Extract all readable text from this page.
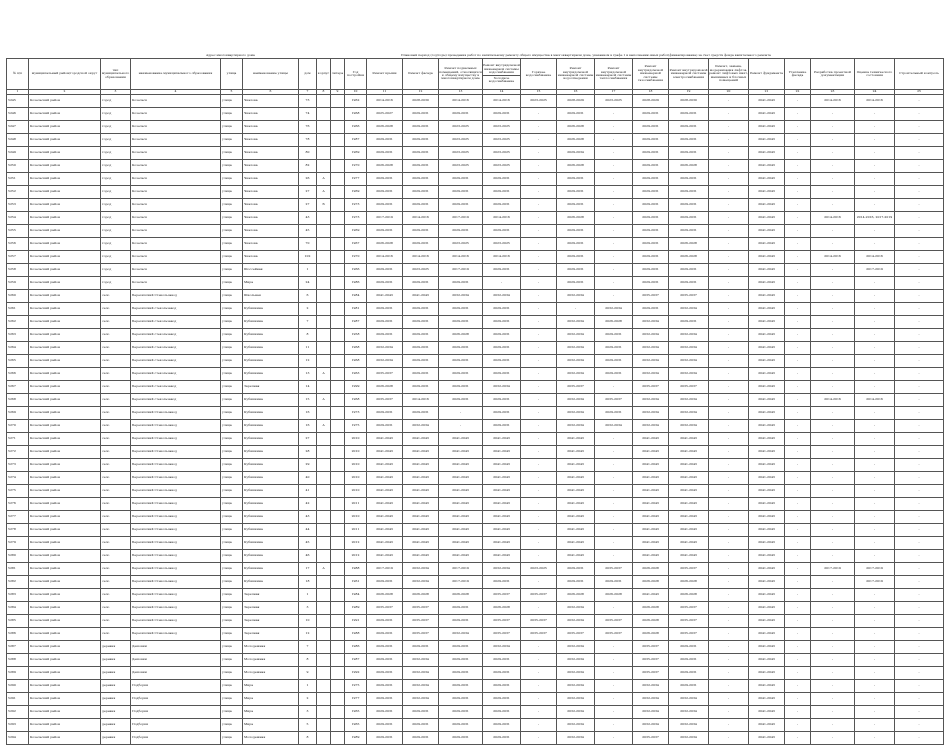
Адрес многоквартирного дома	Плановый период (год/годы) проведения работ по капитальному ремонту общего имущества в многоквартирном доме, указанном в графе 1 и выполнению иных работ(финансирование) за счет средств фонда капитального ремонта
№ п/п	муниципальный район/городской округ	тип муниципального образования	наименование муниципального образования	улица	наименование улицы	дом	корпус	литера	Год постройки	Ремонт крыши	Ремонт фасада	Ремонт подвальных помещений, относящихся к общему имуществу в многоквартирном доме	Ремонт внутридомовой инженерной системы водоснабжения
Холодное водоснабжение	Горячее водоснабжение	Ремонт внутридомовой инженерной системы водоотведения	Ремонт внутридомовой инженерной системы теплоснабжения	Ремонт внутридомовой инженерной системы газоснабжения	Ремонт внутридомовой инженерной системы электроснабжения	Ремонт, замена, модернизация лифтов, ремонт лифтовых шахт, машинных и блочных помещений	Ремонт фундамента	Утепление фасада	Разработка проектной документации	Оценка технического состояния	Строительный контроль
1	2	3	4	5	6	7	8	9	10	11	12	13	14	15	16	17	18	19	20	21	22	23	24	25
5245	Козельский район	город	Козельск	улица	Чкалова	73			1962	2014-2016	2028-2030	2014-2016	2014-2016	2023-2025	2028-2029	2023-2025	2028-2029	2028-2030	-	2041-2043	-	2014-2016	2014-2016	-
5246	Козельский район	город	Козельск	улица	Чкалова	74			1968	2025-2027	2029-2031	2029-2031	2029-2031	-	2029-2031	-	2029-2031	2029-2031	-	2041-2043	-	-	-	-
5247	Козельский район	город	Козельск	улица	Чкалова	76			1966	2026-2028	2029-2031	2023-2025	2023-2025	-	2026-2028	-	2029-2031	2029-2031	-	2041-2043	-	-	-	-
5248	Козельский район	город	Козельск	улица	Чкалова	78			1987	2029-2031	2029-2031	2023-2025	2023-2025	-	2026-2028	-	2029-2031	2029-2031	-	2041-2043	-	-	-	-
5249	Козельский район	город	Козельск	улица	Чкалова	80			1969	2029-2031	2029-2031	2023-2025	2023-2025	-	2029-2034	-	2029-2031	2029-2031	-	2041-2043	-	-	-	-
5250	Козельский район	город	Козельск	улица	Чкалова	82			1970	2026-2028	2029-2031	2023-2025	2023-2025	-	2026-2028	-	2029-2031	2026-2028	-	2041-2043	-	-	-	-
5251	Козельский район	город	Козельск	улица	Чкалова	26	А		1977	2029-2031	2029-2031	2029-2031	2029-2031	-	2029-2031	-	2029-2031	2029-2031	-	2041-2043	-	-	-	-
5252	Козельский район	город	Козельск	улица	Чкалова	27	А		1969	2029-2031	2029-2031	2029-2031	2029-2031	-	2029-2031	-	2029-2031	2029-2031	-	2041-2043	-	-	-	-
5253	Козельский район	город	Козельск	улица	Чкалова	27	Б		1973	2029-2031	2029-2031	2029-2031	2029-2031	-	2029-2031	-	2029-2031	2029-2031	-	2041-2043	-	-	-	-
5254	Козельский район	город	Козельск	улица	Чкалова	43			1973	2017-2019	2014-2016	2017-2019	2014-2016	-	2026-2028	-	2029-2031	2029-2031	-	2041-2043	-	2014-2016	2014-2016, 2017-2019	-
5255	Козельский район	город	Козельск	улица	Чкалова	45			1969	2029-2031	2029-2031	2029-2031	2029-2031	-	2029-2031	-	2029-2031	2029-2031	-	2041-2043	-	-	-	-
5256	Козельский район	город	Козельск	улица	Чкалова	70			1967	2026-2028	2029-2031	2023-2025	2023-2025	-	2029-2031	-	2029-2031	2026-2028	-	2041-2043	-	-	-	-
5257	Козельский район	город	Козельск	улица	Чкалова	102			1970	2014-2016	2014-2016	2014-2016	2014-2016	-	2029-2031	-	2029-2031	2026-2028	-	2041-2043	-	2014-2016	2014-2016	-
5258	Козельский район	город	Козельск	улица	Шоссейная	1			1966	2029-2031	2023-2025	2017-2019	2029-2031	-	2029-2031	-	2029-2031	2029-2031	-	2041-2043	-	-	2017-2019	-
5259	Козельский район	город	Козельск	улица	Мира	24			1986	2029-2031	2029-2031	2029-2031	-	-	2029-2031	-	2029-2031	2029-2031	-	2041-2043	-	-	-	-
5260	Козельский район	село	Березичский Стекользавод	улица	Школьная	6			1984	2041-2043	2041-2043	2032-2034	2032-2034	-	2032-2034	-	2035-2037	2035-2037	-	2041-2043	-	-	-	-
5261	Козельский район	село	Березичский стекользавод	улица	Кубяшкина	2			1981	2029-2031	2029-2031	2029-2031	2029-2031	-	-	2032-2034	2029-2031	2032-2034	-	2041-2043	-	-	-	-
5262	Козельский район	село	Березичский стекользавод	улица	Кубяшкина	7			1987	2029-2031	2029-2031	2029-2031	2029-2031	-	2032-2034	2026-2028	2032-2034	2029-2031	-	2041-2043	-	-	-	-
5263	Козельский район	село	Березичский стекользавод	улица	Кубяшкина	8			1958	2029-2031	2029-2031	2026-2028	2029-2031	-	2032-2034	2029-2031	2032-2034	2032-2034	-	2041-2043	-	-	-	-
5264	Козельский район	село	Березичский стекользавод	улица	Кубяшкина	11			1968	2032-2034	2029-2031	2029-2031	2029-2031	-	2032-2034	2029-2031	2032-2034	2032-2034	-	2041-2043	-	-	-	-
5265	Козельский район	село	Березичский стекользавод	улица	Кубяшкина	12			1968	2032-2034	2029-2031	2029-2031	2029-2031	-	2032-2034	2029-2031	2032-2034	2032-2034	-	2041-2043	-	-	-	-
5266	Козельский район	село	Березичский стекользавод	улица	Кубяшкина	13	А		1963	2035-2037	2029-2031	2029-2031	2029-2031	-	2032-2034	2029-2031	2032-2034	2032-2034	-	2041-2043	-	-	-	-
5267	Козельский район	село	Березичский стекользавод	улица	Заречная	14			1999	2026-2028	2029-2031	2029-2031	2032-2034	-	2035-2037	-	2035-2037	2035-2037	-	2041-2043	-	-	-	-
5268	Козельский район	село	Березичский стекользавод	улица	Кубяшкина	15	А		1968	2035-2037	2014-2016	2029-2031	2029-2031	-	2032-2034	2035-2037	2032-2034	2032-2034	-	2041-2043	-	2014-2016	2014-2016	-
5269	Козельский район	село	Березичский Стекользавод	улица	Кубяшкина	16			1973	2029-2031	2029-2031	-	2029-2031	-	2032-2034	2029-2031	2032-2034	2032-2034	-	2041-2043	-	-	-	-
5270	Козельский район	село	Березичский Стекользавод	улица	Кубяшкина	16	А		1975	2029-2031	2032-2034	-	2029-2031	-	2032-2034	2032-2034	2032-2034	2032-2034	-	2041-2043	-	-	-	-
5271	Козельский район	село	Березичский Стекользавод	улица	Кубяшкина	27			2010	2041-2043	2041-2043	2041-2043	2041-2043	-	2041-2043	-	2041-2043	2041-2043	-	2041-2043	-	-	-	-
5272	Козельский район	село	Березичский Стекользавод	улица	Кубяшкина	28			2010	2041-2043	2041-2043	2041-2043	2041-2043	-	2041-2043	-	2041-2043	2041-2043	-	2041-2043	-	-	-	-
5273	Козельский район	село	Березичский Стекользавод	улица	Кубяшкина	29			2010	2041-2043	2041-2043	2041-2043	2041-2043	-	2041-2043	-	2041-2043	2041-2043	-	2041-2043	-	-	-	-
5274	Козельский район	село	Березичский Стекользавод	улица	Кубяшкина	40			2010	2041-2043	2041-2043	2041-2043	2041-2043	-	2041-2043	-	2041-2043	2041-2043	-	2041-2043	-	-	-	-
5275	Козельский район	село	Березичский Стекользавод	улица	Кубяшкина	41			2010	2041-2043	2041-2043	2041-2043	2041-2043	-	2041-2043	-	2041-2043	2041-2043	-	2041-2043	-	-	-	-
5276	Козельский район	село	Березичский Стекользавод	улица	Кубяшкина	42			2011	2041-2043	2041-2043	2041-2043	2041-2043	-	2041-2043	-	2041-2043	2041-2043	-	2041-2043	-	-	-	-
5277	Козельский район	село	Березичский Стекользавод	улица	Кубяшкина	43			2010	2041-2043	2041-2043	2041-2043	2041-2043	-	2041-2043	-	2041-2043	2041-2043	-	2041-2043	-	-	-	-
5278	Козельский район	село	Березичский Стекользавод	улица	Кубяшкина	44			2011	2041-2043	2041-2043	2041-2043	2041-2043	-	2041-2043	-	2041-2043	2041-2043	-	2041-2043	-	-	-	-
5279	Козельский район	село	Березичский Стекользавод	улица	Кубяшкина	45			2012	2041-2043	2041-2043	2041-2043	2041-2043	-	2041-2043	-	2041-2043	2041-2043	-	2041-2043	-	-	-	-
5280	Козельский район	село	Березичский Стекользавод	улица	Кубяшкина	46			2012	2041-2043	2041-2043	2041-2043	2041-2043	-	2041-2043	-	2041-2043	2041-2043	-	2041-2043	-	-	-	-
5281	Козельский район	село	Березичский Стекользавод	улица	Кубяшкина	17	А		1988	2017-2019	2032-2034	2017-2019	2032-2034	2023-2025	2029-2031	2035-2037	2026-2028	2035-2037	-	2041-2043	-	2017-2019	2017-2019	-
5282	Козельский район	село	Березичский Стекользавод	улица	Кубяшкина	18			1961	2029-2031	2032-2034	2017-2019	2029-2031	-	2029-2031	2029-2031	2026-2028	2026-2028	-	2041-2043	-	-	2017-2019	-
5283	Козельский район	село	Березичский Стекользавод	улица	Заречная	1			1984	2026-2028	2026-2028	2026-2028	2035-2037	2035-2037	2026-2028	2026-2028	2041-2043	2026-2028	-	2041-2043	-	-	-	-
5284	Козельский район	село	Березичский Стекользавод	улица	Заречная	3			1989	2035-2037	2035-2037	2029-2031	2026-2028	-	2032-2034	-	2026-2028	2035-2037	-	2041-2043	-	-	-	-
5285	Козельский район	село	Березичский Стекользавод	улица	Заречная	10			1991	2029-2031	2035-2037	2029-2031	2035-2037	2035-2037	2032-2034	2035-2037	2026-2028	2035-2037	-	2041-2043	-	-	-	-
5286	Козельский район	село	Березичский Стекользавод	улица	Заречная	12			1988	2029-2031	2035-2037	2032-2034	2035-2037	2035-2037	2035-2037	2035-2037	2026-2028	2035-2037	-	2041-2043	-	-	-	-
5287	Козельский район	деревня	Дешовки	улица	Молодежная	7			1986	2029-2031	2029-2031	2029-2031	2032-2034	-	2032-2034	-	2035-2037	2029-2031	-	2041-2043	-	-	-	-
5288	Козельский район	деревня	Дешовки	улица	Молодежная	8			1987	2029-2031	2032-2034	2029-2031	2029-2031	-	2032-2034	-	2035-2037	2029-2031	-	2041-2043	-	-	-	-
5289	Козельский район	деревня	Дешовки	улица	Молодежная	9			1992	2029-2031	2032-2034	2029-2031	2029-2031	-	2032-2034	-	2035-2037	2029-2031	-	2041-2043	-	-	-	-
5290	Козельский район	деревня	Подборки	улица	Мира	1			1975	2029-2031	2032-2034	2029-2031	2029-2031	-	2032-2034	-	2032-2034	2029-2031	-	2041-2043	-	-	-	-
5291	Козельский район	деревня	Подборки	улица	Мира	2			1977	2029-2031	2032-2034	2029-2031	2029-2031	-	2032-2034	-	2032-2034	2032-2034	-	2041-2043	-	-	-	-
5292	Козельский район	деревня	Подборки	улица	Мира	3			1965	2029-2031	2029-2031	2029-2031	2029-2031	-	2032-2034	-	2032-2034	2032-2034	-	2041-2043	-	-	-	-
5293	Козельский район	деревня	Подборки	улица	Мира	5			1965	2029-2031	2029-2031	2029-2031	2029-2031	-	2032-2034	-	2032-2034	2032-2034	-	2041-2043	-	-	-	-
5294	Козельский район	деревня	Подборки	улица	Молодежная	8			1989	2029-2031	2029-2031	2029-2031	2029-2031	-	2032-2034	-	2035-2037	2032-2034	-	2041-2043	-	-	-	-
